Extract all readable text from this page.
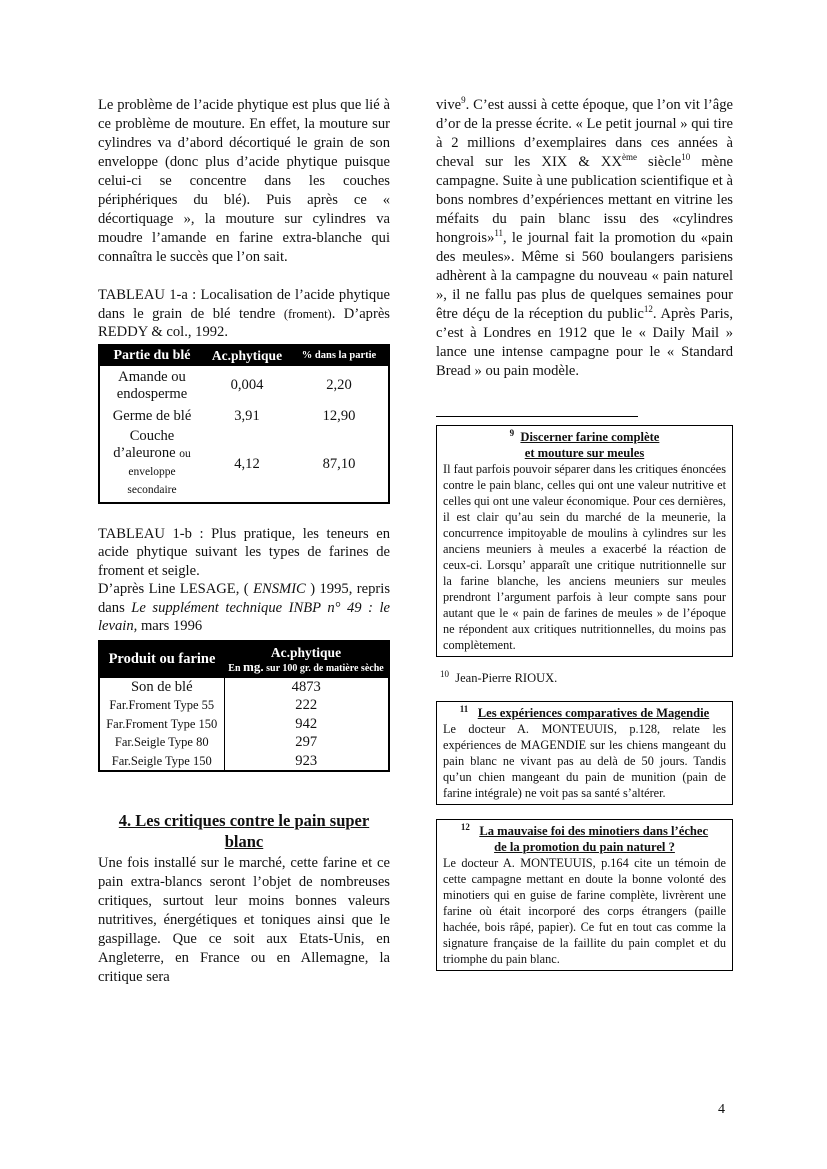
Le problème de l’acide phytique est plus que lié à ce problème de mouture. En effet, la mouture sur cylindres va d’abord décortiqué le grain de son enveloppe (donc plus d’acide phytique puisque celui-ci se concentre dans les couches périphériques du blé). Puis après ce « décortiquage », la mouture sur cylindres va moudre l’amande en farine extra-blanche qui connaîtra le succès que l’on sait.

TABLEAU 1-a : Localisation de l’acide phytique dans le grain de blé tendre (froment). D’après REDDY & col., 1992.

Partie du blé	Ac.phytique	% dans la partie
Amande ou endosperme	0,004	2,20
Germe de blé	3,91	12,90
Couche d’aleurone ou enveloppe secondaire	4,12	87,10

TABLEAU 1-b : Plus pratique, les teneurs en acide phytique suivant les types de farines de froment et seigle.
D’après Line LESAGE, ( ENSMIC ) 1995, repris dans Le supplément technique INBP n° 49 : le levain, mars 1996

Produit ou farine	Ac.phytique
En mg. sur 100 gr. de matière sèche

Son de blé	4873
Far.Froment Type 55	222
Far.Froment Type 150	942
Far.Seigle Type 80	297
Far.Seigle Type 150	923
4. Les critiques contre le pain super blanc

Une fois installé sur le marché, cette farine et ce pain extra-blancs seront l’objet de nombreuses critiques, surtout leur moins bonnes valeurs nutritives, énergétiques et toniques ainsi que le gaspillage. Que ce soit aux Etats-Unis, en Angleterre, en France ou en Allemagne, la critique sera

vive$^9$. C’est aussi à cette époque, que l’on vit l’âge d’or de la presse écrite. « Le petit journal » qui tire à 2 millions d’exemplaires dans ces années à cheval sur les XIX & XXème siècle$^{10}$ mène campagne. Suite à une publication scientifique et à bons nombres d’expériences mettant en vitrine les méfaits du pain blanc issu des «cylindres hongrois»$^{11}$, le journal fait la promotion du «pain des meules». Même si 560 boulangers parisiens adhèrent à la campagne du nouveau « pain naturel », il ne fallu pas plus de quelques semaines pour être déçu de la réception du public$^{12}$. Après Paris, c’est à Londres en 1912 que le « Daily Mail » lance une intense campagne pour le « Standard Bread » ou pain modèle.

$^9$ Discerner farine complète
et mouture sur meules
Il faut parfois pouvoir séparer dans les critiques énoncées contre le pain blanc, celles qui ont une valeur nutritive et celles qui ont une valeur économique. Pour ces dernières, il est clair qu’au sein du marché de la meunerie, la concurrence impitoyable de moulins à cylindres sur les anciens meuniers à meules a exacerbé la réaction de ceux-ci. Lorsqu’ apparaît une critique nutritionnelle sur la farine blanche, les anciens meuniers sur meules prendront l’argument parfois à leur compte sans pour autant que le « pain de farines de meules » de l’époque ne répondent aux critiques nutritionnelles, du moins pas complètement.
$^{10}$ Jean-Pierre RIOUX.
$^{11}$ Les expériences comparatives de Magendie
Le docteur A. MONTEUUIS, p.128, relate les expériences de MAGENDIE sur les chiens mangeant du pain blanc ne vivant pas au delà de 50 jours. Tandis qu’un chien mangeant du pain de munition (pain de farine intégrale) ne voit pas sa santé s’altérer.
$^{12}$ La mauvaise foi des minotiers dans l’échec
de la promotion du pain naturel ?
Le docteur A. MONTEUUIS, p.164 cite un témoin de cette campagne mettant en doute la bonne volonté des minotiers qui en guise de farine complète, livrèrent une farine où était incorporé des corps étrangers (paille hachée, bois râpé, papier). Ce fut en tout cas comme la signature française de la faillite du pain complet et du triomphe du pain blanc.
4
